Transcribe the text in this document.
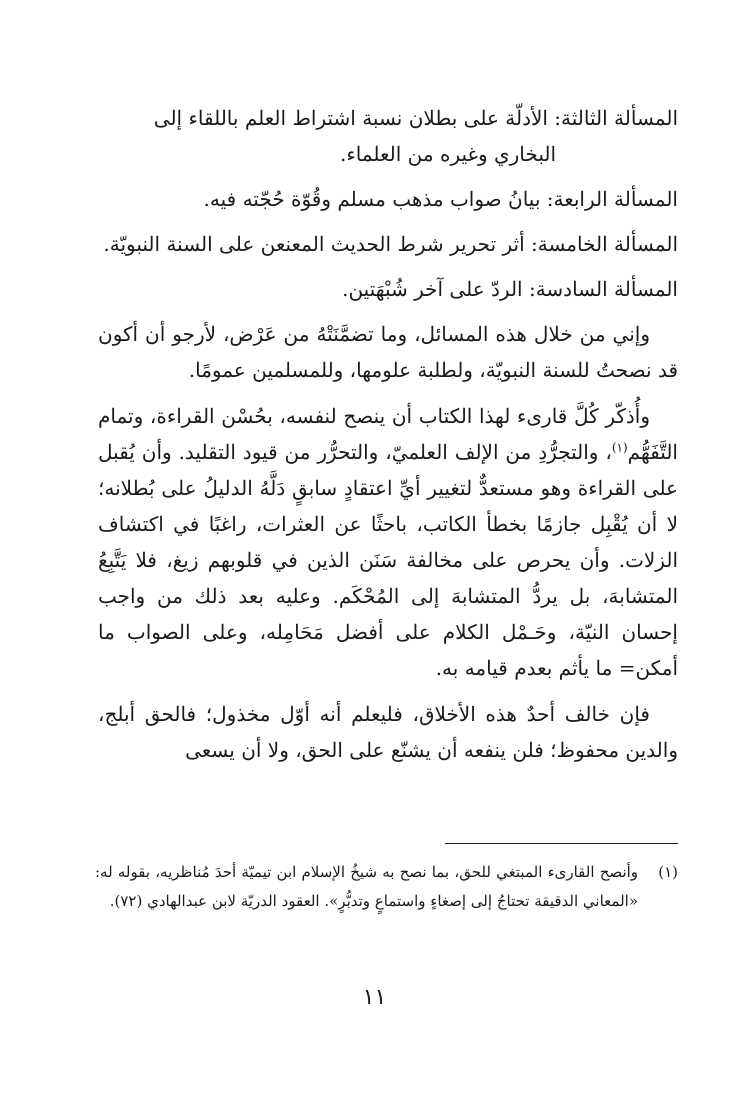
المسألة الثالثة: الأدلّة على بطلان نسبة اشتراط العلم باللقاء إلى
البخاري وغيره من العلماء.

المسألة الرابعة: بيانُ صواب مذهب مسلم وقُوّة حُجّته فيه.

المسألة الخامسة: أثر تحرير شرط الحديث المعنعن على السنة النبويّة.

المسألة السادسة: الردّ على آخر شُبْهَتين.

وإني من خلال هذه المسائل، وما تضمَّنَتْهُ من عَرْض، لأرجو أن أكون قد نصحتُ للسنة النبويّة، ولطلبة علومها، وللمسلمين عمومًا.

وأُذكّر كُلَّ قارىء لهذا الكتاب أن ينصح لنفسه، بحُسْن القراءة، وتمام التَّفَهُّم$^{(١)}$، والتجرُّدِ من الإلف العلميّ، والتحرُّر من قيود التقليد. وأن يُقبل على القراءة وهو مستعدٌّ لتغيير أيِّ اعتقادٍ سابقٍ دَلَّهُ الدليلُ على بُطلانه؛ لا أن يُقْبِل جازمًا بخطأ الكاتب، باحثًا عن العثرات، راغبًا في اكتشاف الزلات. وأن يحرص على مخالفة سَنَن الذين في قلوبهم زيغ، فلا يَتَّبِعُ المتشابهَ، بل يردُّ المتشابهَ إلى المُحْكَم. وعليه بعد ذلك من واجب إحسان النيّة، وحَـمْل الكلام على أفضل مَحَامِله، وعلى الصواب ما أمكن= ما يأثم بعدم قيامه به.

فإن خالف أحدٌ هذه الأخلاق، فليعلم أنه أوّل مخذول؛ فالحق أبلج، والدين محفوظ؛ فلن ينفعه أن يشنّع على الحق، ولا أن يسعى

(١)
وأنصح القارىء المبتغي للحق، بما نصح به شيخُ الإسلام ابن تيميّة أحدَ مُناظريه، بقوله له: «المعاني الدقيقة تحتاجُ إلى إصغاءٍ واستماعٍ وتدبُّرٍ». العقود الدريّة لابن عبدالهادي (٧٢).
١١
